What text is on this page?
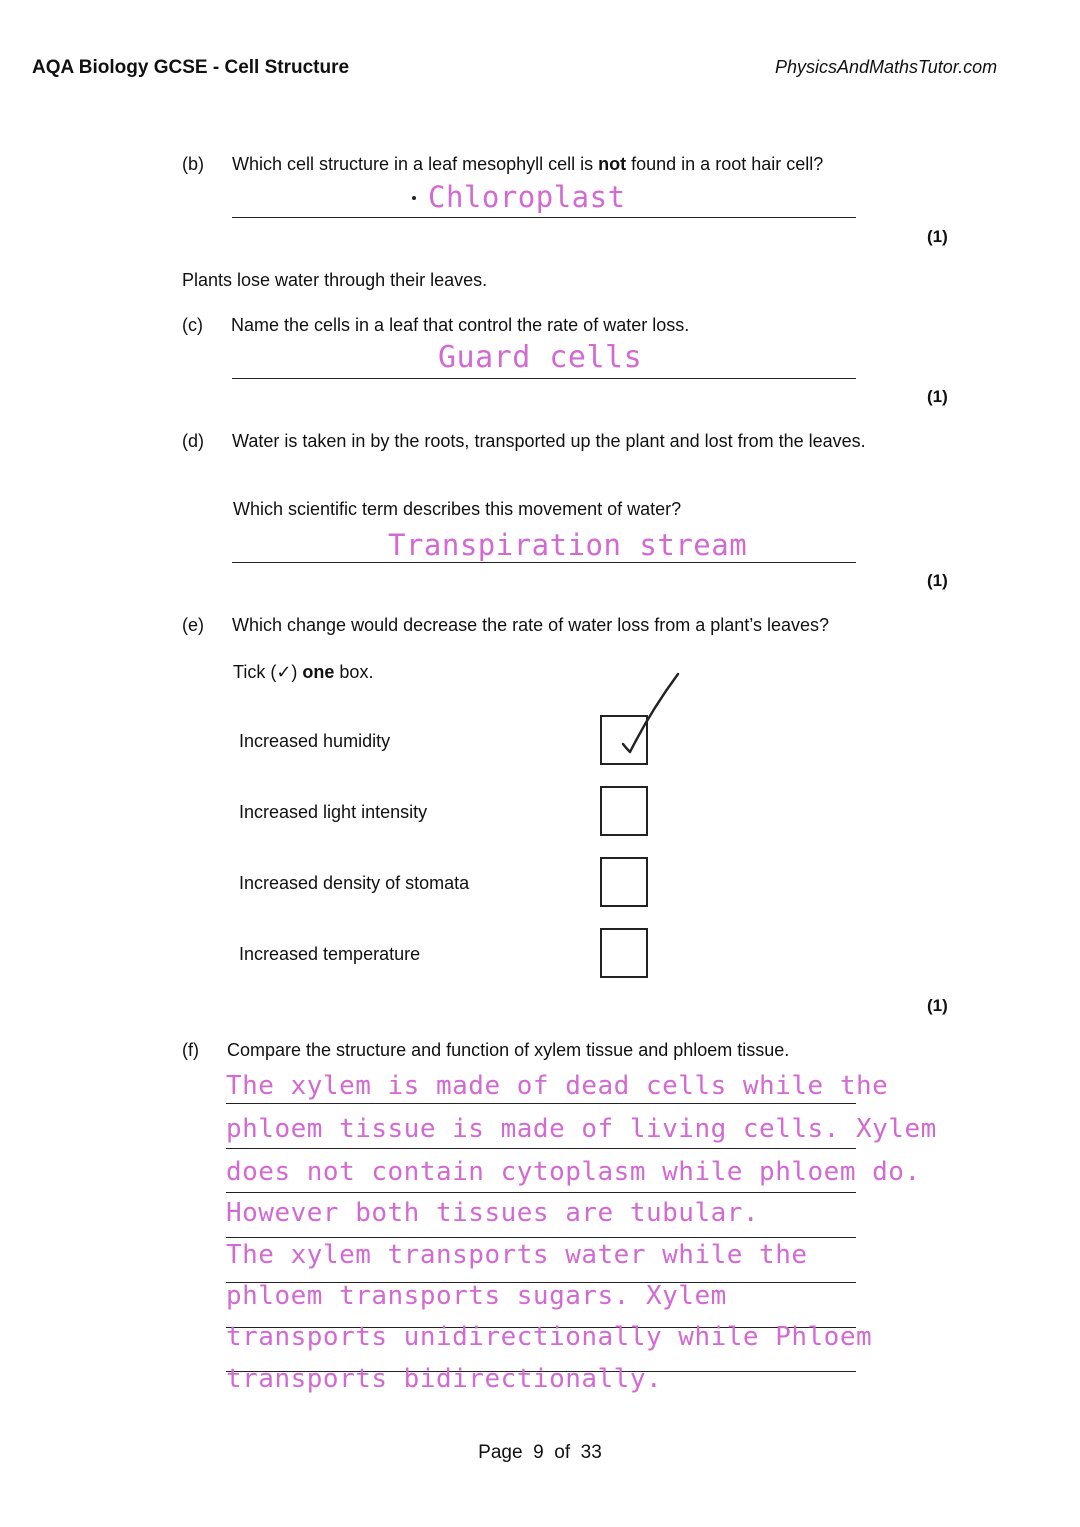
AQA Biology GCSE - Cell Structure	PhysicsAndMathsTutor.com
(b) Which cell structure in a leaf mesophyll cell is not found in a root hair cell?
Chloroplast
(1)
Plants lose water through their leaves.
(c) Name the cells in a leaf that control the rate of water loss.
Guard cells
(1)
(d) Water is taken in by the roots, transported up the plant and lost from the leaves.
Which scientific term describes this movement of water?
Transpiration stream
(1)
(e) Which change would decrease the rate of water loss from a plant’s leaves?
Tick (✓) one box.
Increased humidity
Increased light intensity
Increased density of stomata
Increased temperature
(1)
(f) Compare the structure and function of xylem tissue and phloem tissue.
The xylem is made of dead cells while the
phloem tissue is made of living cells. Xylem
does not contain cytoplasm while phloem do.
However both tissues are tubular.
The xylem transports water while the
phloem transports sugars. Xylem
transports unidirectionally while Phloem
transports bidirectionally.
Page 9 of 33
